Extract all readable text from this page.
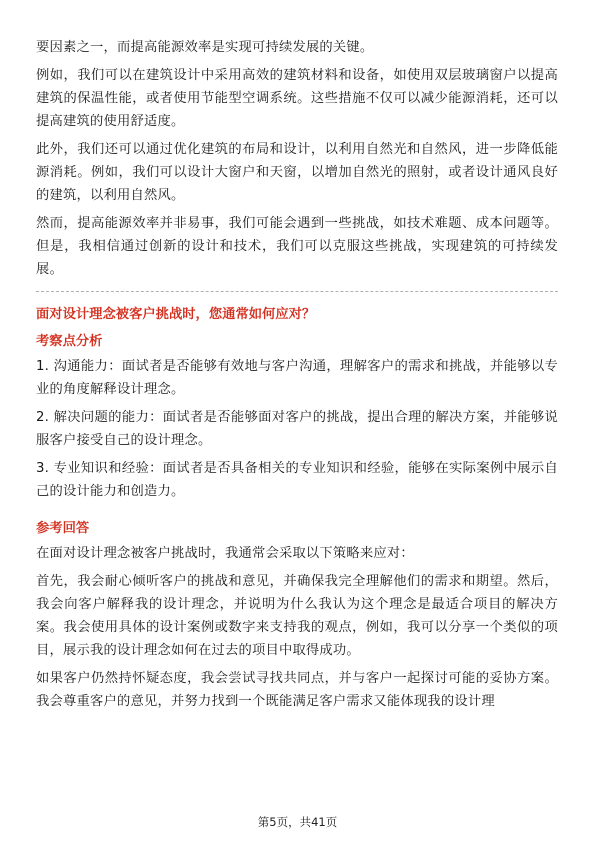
要因素之一，而提高能源效率是实现可持续发展的关键。

例如，我们可以在建筑设计中采用高效的建筑材料和设备，如使用双层玻璃窗户以提高建筑的保温性能，或者使用节能型空调系统。这些措施不仅可以减少能源消耗，还可以提高建筑的使用舒适度。

此外，我们还可以通过优化建筑的布局和设计，以利用自然光和自然风，进一步降低能源消耗。例如，我们可以设计大窗户和天窗，以增加自然光的照射，或者设计通风良好的建筑，以利用自然风。

然而，提高能源效率并非易事，我们可能会遇到一些挑战，如技术难题、成本问题等。但是，我相信通过创新的设计和技术，我们可以克服这些挑战，实现建筑的可持续发展。

面对设计理念被客户挑战时，您通常如何应对？
考察点分析

1. 沟通能力：面试者是否能够有效地与客户沟通，理解客户的需求和挑战，并能够以专业的角度解释设计理念。

2. 解决问题的能力：面试者是否能够面对客户的挑战，提出合理的解决方案，并能够说服客户接受自己的设计理念。

3. 专业知识和经验：面试者是否具备相关的专业知识和经验，能够在实际案例中展示自己的设计能力和创造力。

参考回答

在面对设计理念被客户挑战时，我通常会采取以下策略来应对：

首先，我会耐心倾听客户的挑战和意见，并确保我完全理解他们的需求和期望。然后，我会向客户解释我的设计理念，并说明为什么我认为这个理念是最适合项目的解决方案。我会使用具体的设计案例或数字来支持我的观点，例如，我可以分享一个类似的项目，展示我的设计理念如何在过去的项目中取得成功。

如果客户仍然持怀疑态度，我会尝试寻找共同点，并与客户一起探讨可能的妥协方案。我会尊重客户的意见，并努力找到一个既能满足客户需求又能体现我的设计理

第5页，共41页
